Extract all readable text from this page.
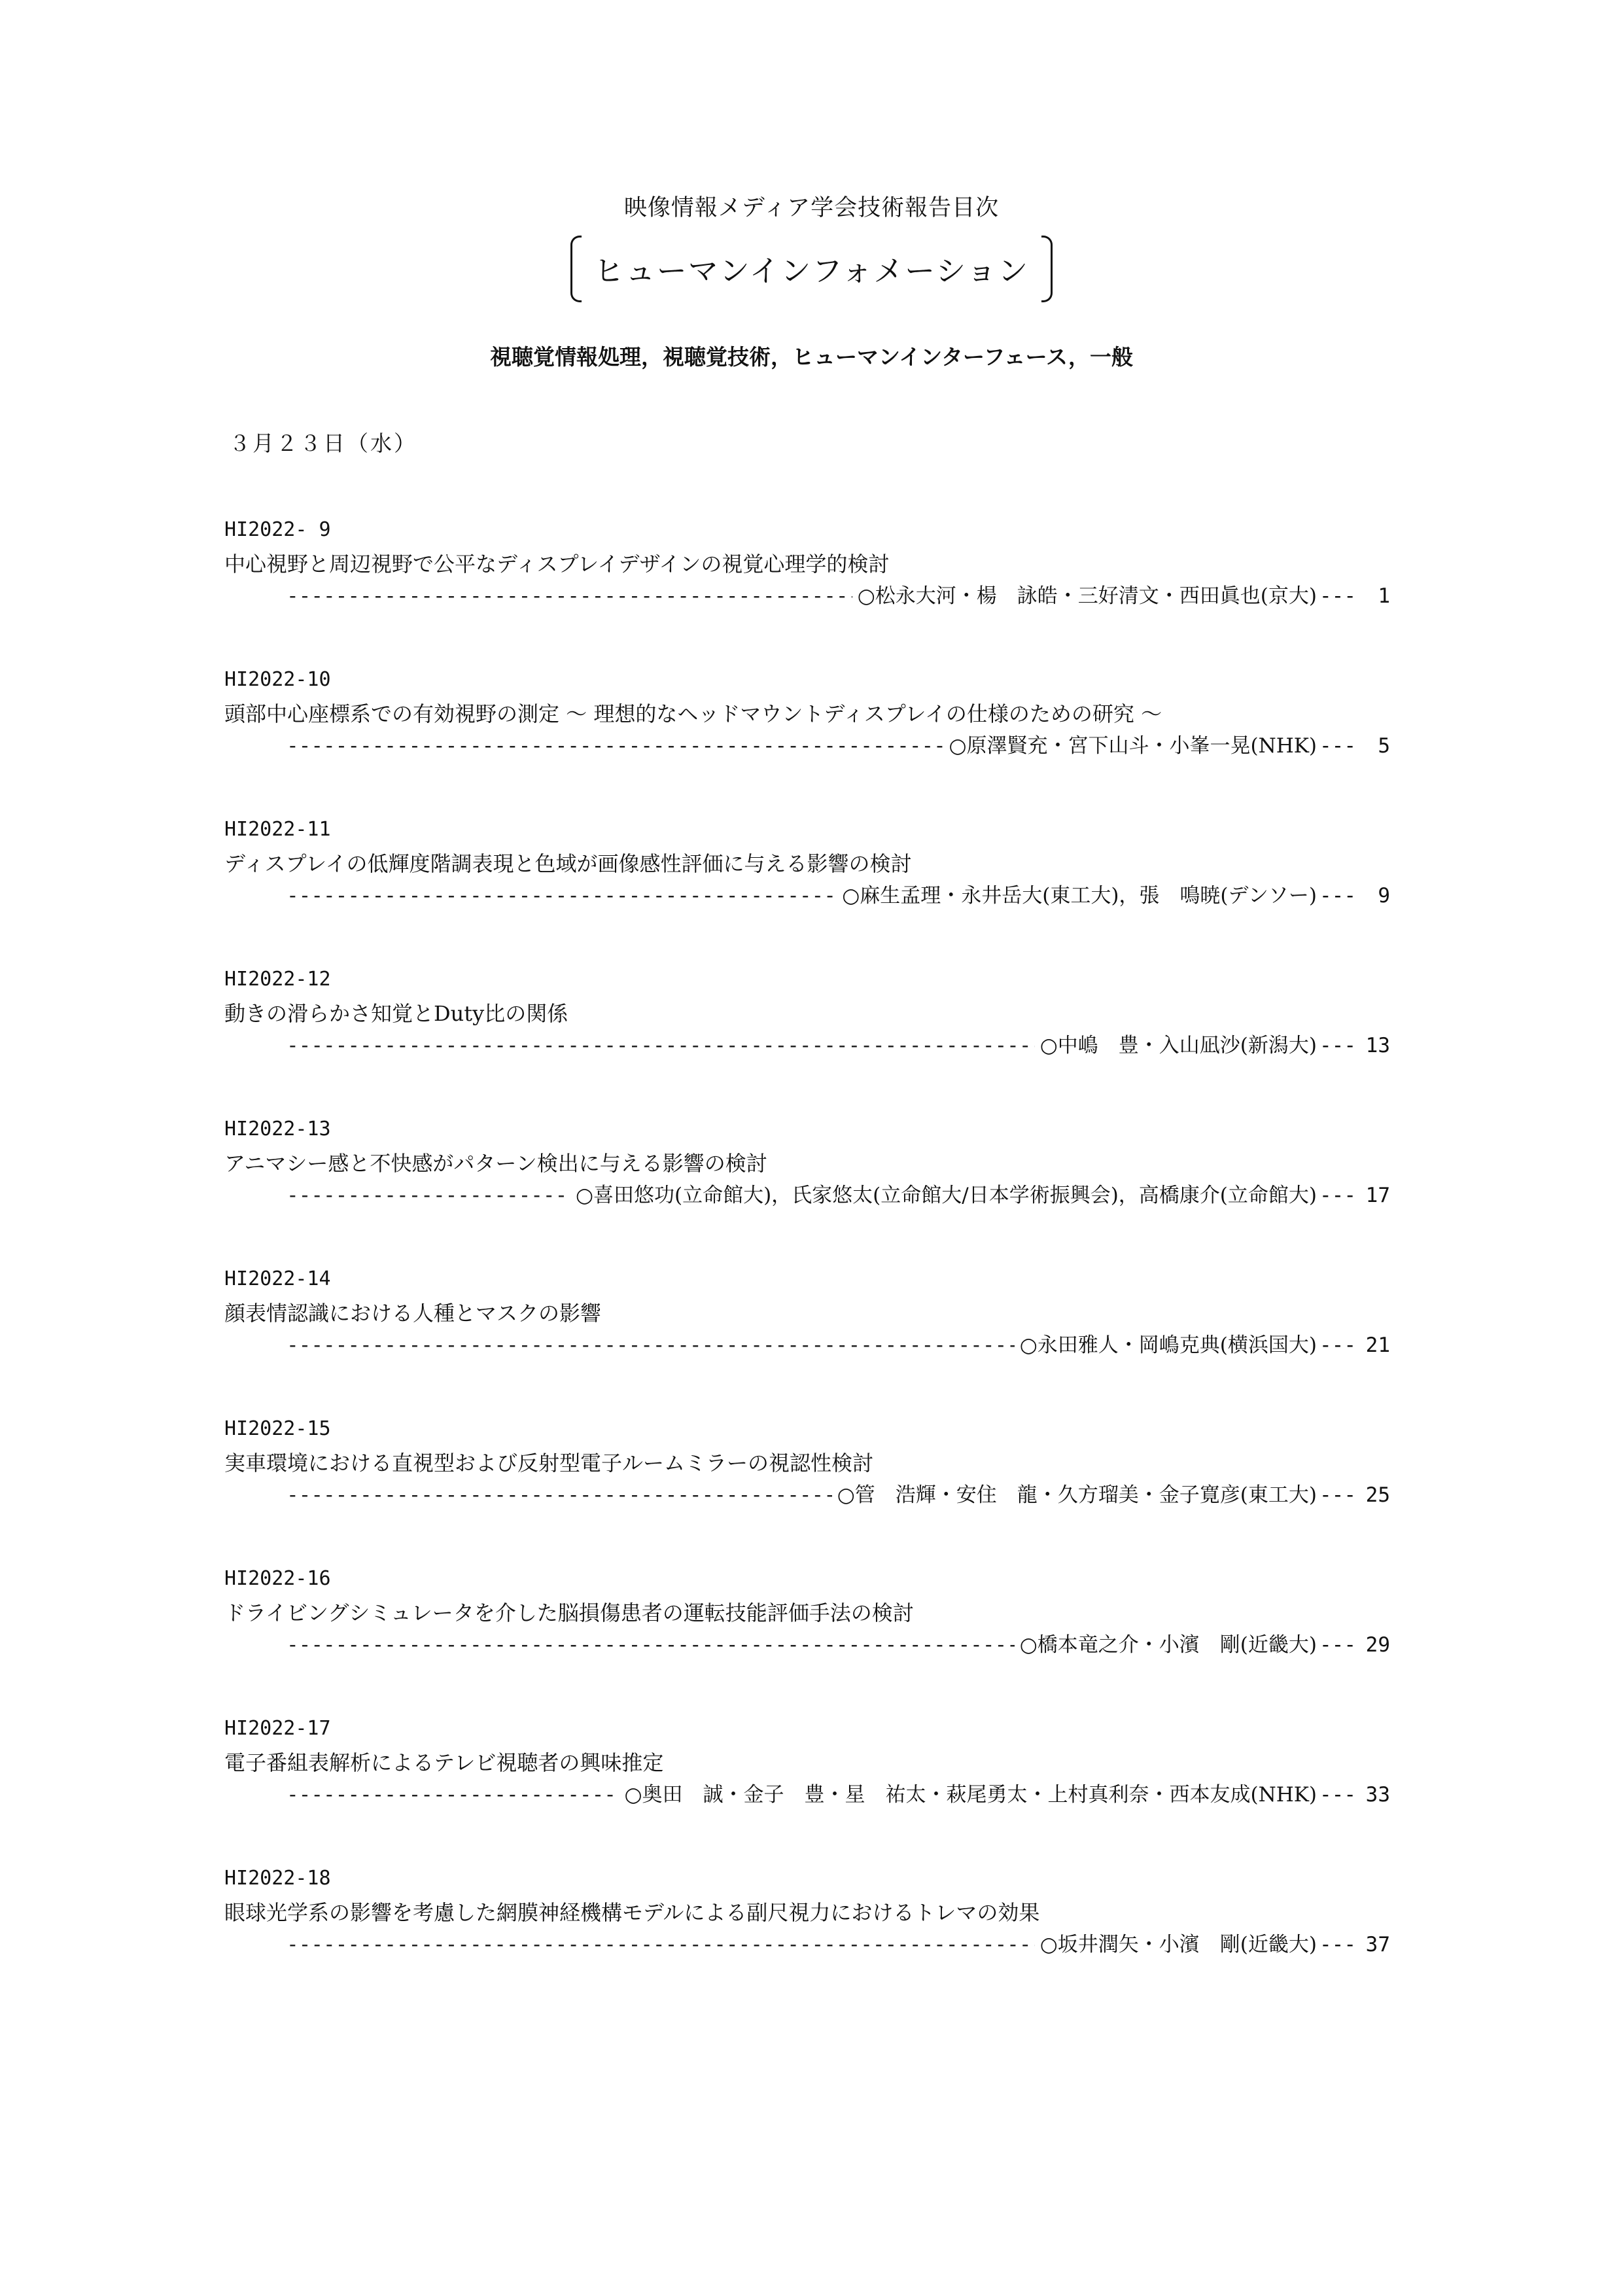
映像情報メディア学会技術報告目次
ヒューマンインフォメーション
視聴覚情報処理，視聴覚技術，ヒューマンインターフェース，一般
３月２３日（水）
HI2022- 9
中心視野と周辺視野で公平なディスプレイデザインの視覚心理学的検討
-----
○松永大河・楊　詠皓・三好清文・西田眞也(京大) ---	1
HI2022-10
頭部中心座標系での有効視野の測定 〜 理想的なヘッドマウントディスプレイの仕様のための研究 〜
-----
○原澤賢充・宮下山斗・小峯一晃(NHK) ---	5
HI2022-11
ディスプレイの低輝度階調表現と色域が画像感性評価に与える影響の検討
-----
○麻生孟理・永井岳大(東工大)，張　鳴暁(デンソー) ---	9
HI2022-12
動きの滑らかさ知覚とDuty比の関係
-----
○中嶋　豊・入山凪沙(新潟大) --- 13
HI2022-13
アニマシー感と不快感がパターン検出に与える影響の検討
-----
○喜田悠功(立命館大)，氏家悠太(立命館大/日本学術振興会)，高橋康介(立命館大) --- 17
HI2022-14
顔表情認識における人種とマスクの影響
-----
○永田雅人・岡嶋克典(横浜国大) --- 21
HI2022-15
実車環境における直視型および反射型電子ルームミラーの視認性検討
-----
○管　浩輝・安住　龍・久方瑠美・金子寛彦(東工大) --- 25
HI2022-16
ドライビングシミュレータを介した脳損傷患者の運転技能評価手法の検討
-----
○橋本竜之介・小濱　剛(近畿大) --- 29
HI2022-17
電子番組表解析によるテレビ視聴者の興味推定
-----
○奥田　誠・金子　豊・星　祐太・萩尾勇太・上村真利奈・西本友成(NHK) --- 33
HI2022-18
眼球光学系の影響を考慮した網膜神経機構モデルによる副尺視力におけるトレマの効果
-----
○坂井潤矢・小濱　剛(近畿大) --- 37
